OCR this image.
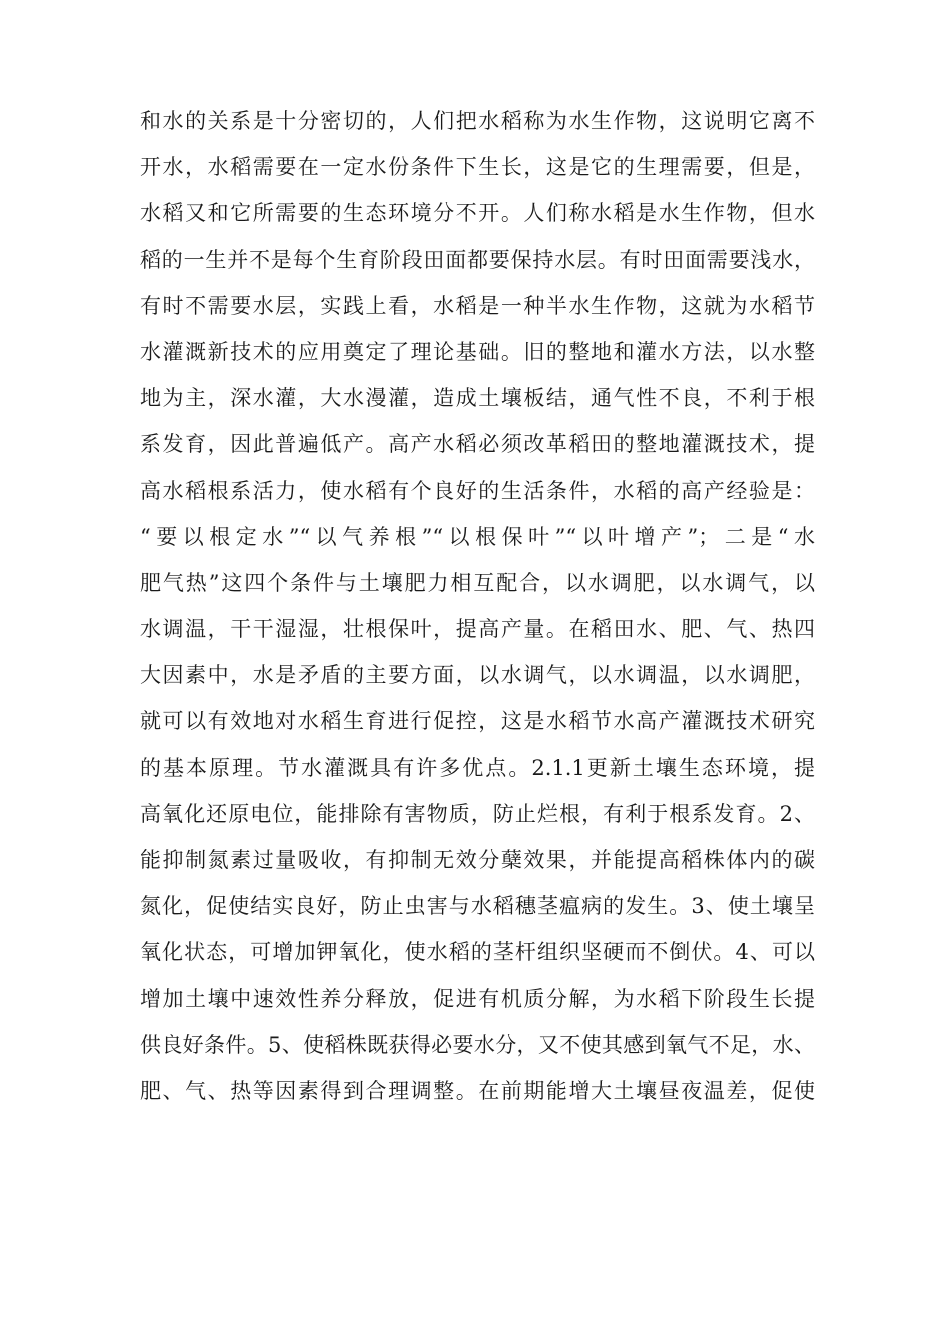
和水的关系是十分密切的，人们把水稻称为水生作物，这说明它离不
开水，水稻需要在一定水份条件下生长，这是它的生理需要，但是，
水稻又和它所需要的生态环境分不开。人们称水稻是水生作物，但水
稻的一生并不是每个生育阶段田面都要保持水层。有时田面需要浅水，
有时不需要水层，实践上看，水稻是一种半水生作物，这就为水稻节
水灌溉新技术的应用奠定了理论基础。旧的整地和灌水方法，以水整
地为主，深水灌，大水漫灌，造成土壤板结，通气性不良，不利于根
系发育，因此普遍低产。高产水稻必须改革稻田的整地灌溉技术，提
高水稻根系活力，使水稻有个良好的生活条件，水稻的高产经验是：
“要以根定水”“以气养根”“以根保叶”“以叶增产”；二是“水
肥气热”这四个条件与土壤肥力相互配合，以水调肥，以水调气，以
水调温，干干湿湿，壮根保叶，提高产量。在稻田水、肥、气、热四
大因素中，水是矛盾的主要方面，以水调气，以水调温，以水调肥，
就可以有效地对水稻生育进行促控，这是水稻节水高产灌溉技术研究
的基本原理。节水灌溉具有许多优点。2.1.1更新土壤生态环境，提
高氧化还原电位，能排除有害物质，防止烂根，有利于根系发育。2、
能抑制氮素过量吸收，有抑制无效分蘖效果，并能提高稻株体内的碳
氮化，促使结实良好，防止虫害与水稻穗茎瘟病的发生。3、使土壤呈
氧化状态，可增加钾氧化，使水稻的茎杆组织坚硬而不倒伏。4、可以
增加土壤中速效性养分释放，促进有机质分解，为水稻下阶段生长提
供良好条件。5、使稻株既获得必要水分，又不使其感到氧气不足，水、
肥、气、热等因素得到合理调整。在前期能增大土壤昼夜温差，促使
